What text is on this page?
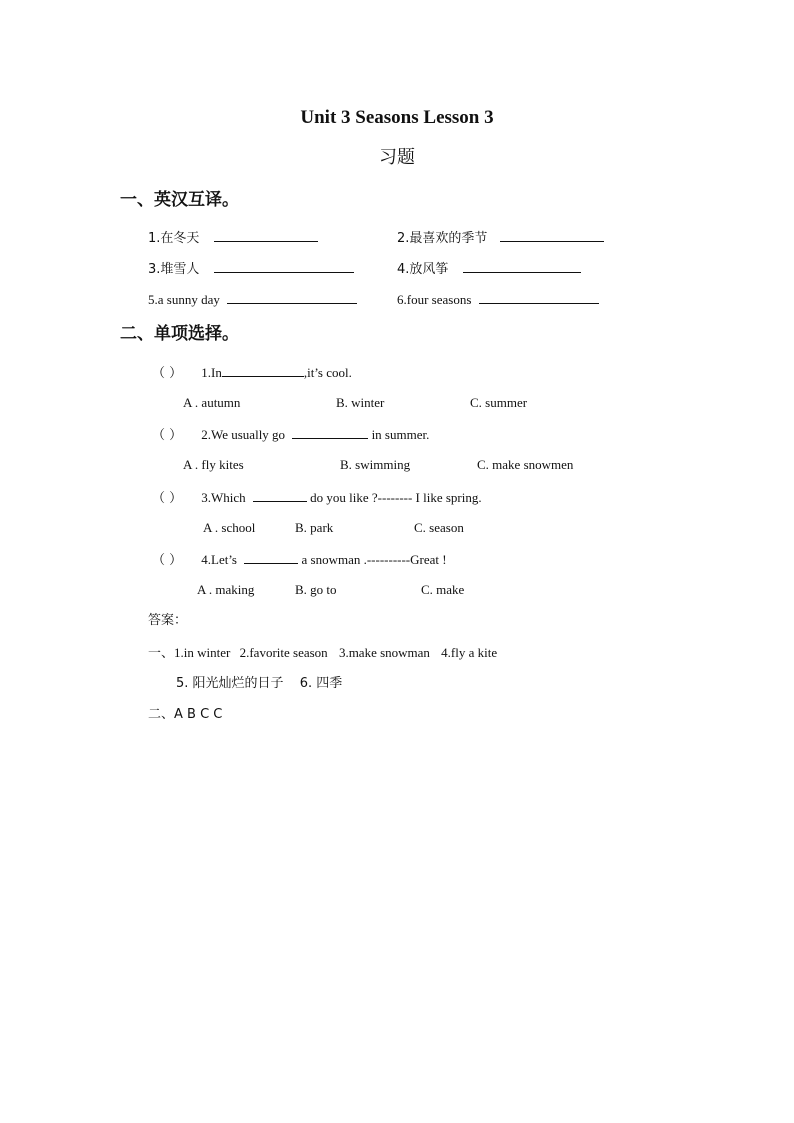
Unit 3 Seasons Lesson 3
习题
一、英汉互译。
1.在冬天	2.最喜欢的季节
3.堆雪人	4.放风筝
5.a sunny day	6.four seasons
二、单项选择。
（ ） 1.In	,it’s cool.
A . autumn	B. winter	C. summer
（ ） 2.We usually go	in summer.
A . fly kites	B. swimming	C. make snowmen
（ ） 3.Which	do you like ?-------- I like spring.
A . school	B. park	C. season
（ ） 4.Let’s	a snowman .----------Great !
A . making	B. go to	C. make
答案：
一、1.in winter 2.favorite season 3.make snowman 4.fly a kite
5. 阳光灿烂的日子 6. 四季
二、A B C C
